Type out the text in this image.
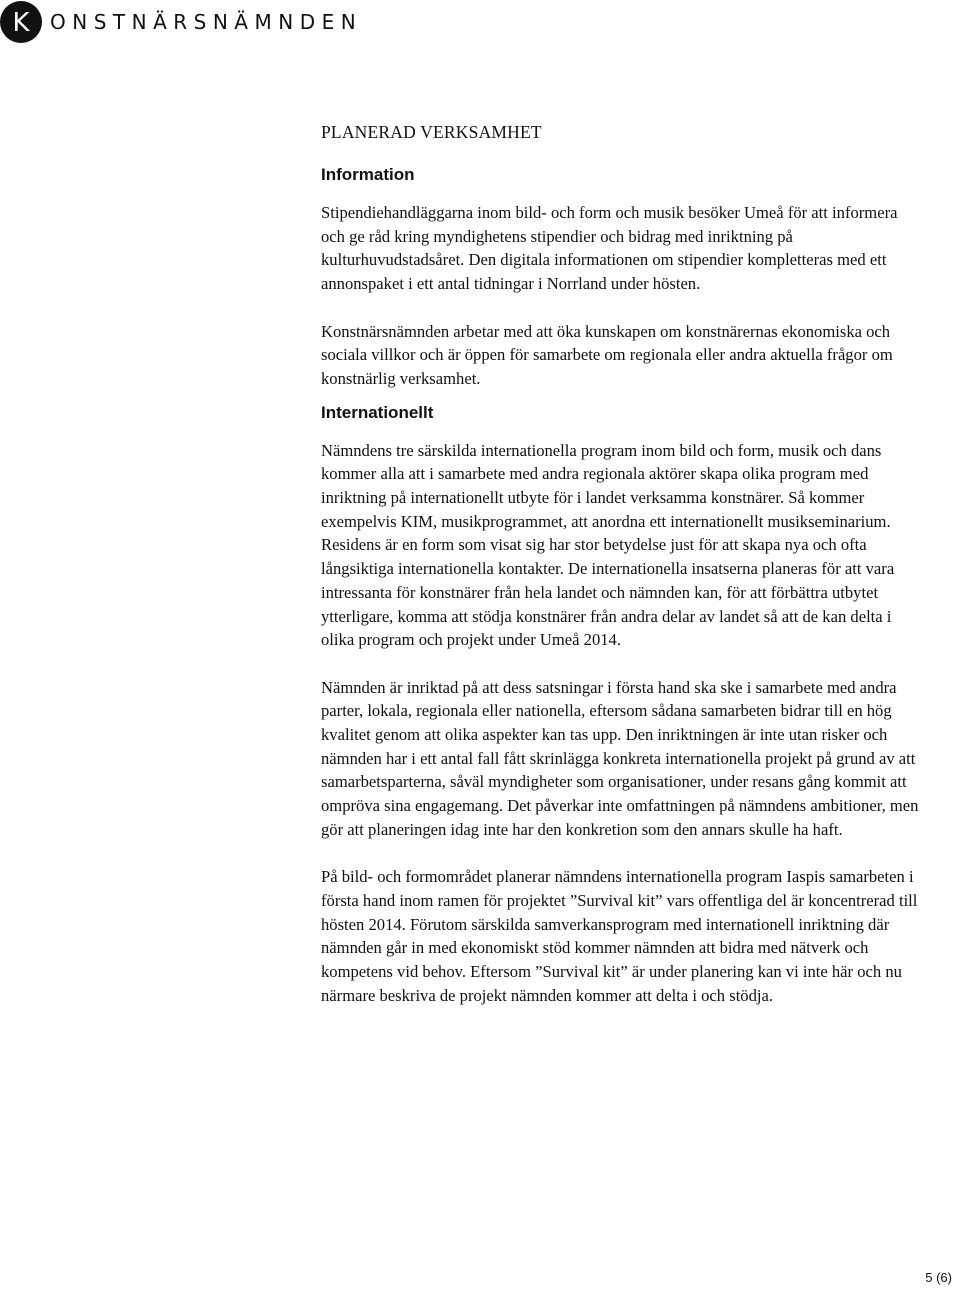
K ONSTNÄRSNÄMNDEN
PLANERAD VERKSAMHET
Information

Stipendiehandläggarna inom bild- och form och musik besöker Umeå för att informera och ge råd kring myndighetens stipendier och bidrag med inriktning på kulturhuvudstadsåret. Den digitala informationen om stipendier kompletteras med ett annonspaket i ett antal tidningar i Norrland under hösten.

Konstnärsnämnden arbetar med att öka kunskapen om konstnärernas ekonomiska och sociala villkor och är öppen för samarbete om regionala eller andra aktuella frågor om konstnärlig verksamhet.

Internationellt

Nämndens tre särskilda internationella program inom bild och form, musik och dans kommer alla att i samarbete med andra regionala aktörer skapa olika program med inriktning på internationellt utbyte för i landet verksamma konstnärer. Så kommer exempelvis KIM, musikprogrammet, att anordna ett internationellt musikseminarium. Residens är en form som visat sig har stor betydelse just för att skapa nya och ofta långsiktiga internationella kontakter. De internationella insatserna planeras för att vara intressanta för konstnärer från hela landet och nämnden kan, för att förbättra utbytet ytterligare, komma att stödja konstnärer från andra delar av landet så att de kan delta i olika program och projekt under Umeå 2014.

Nämnden är inriktad på att dess satsningar i första hand ska ske i samarbete med andra parter, lokala, regionala eller nationella, eftersom sådana samarbeten bidrar till en hög kvalitet genom att olika aspekter kan tas upp. Den inriktningen är inte utan risker och nämnden har i ett antal fall fått skrinlägga konkreta internationella projekt på grund av att samarbetsparterna, såväl myndigheter som organisationer, under resans gång kommit att ompröva sina engagemang. Det påverkar inte omfattningen på nämndens ambitioner, men gör att planeringen idag inte har den konkretion som den annars skulle ha haft.

På bild- och formområdet planerar nämndens internationella program Iaspis samarbeten i första hand inom ramen för projektet ”Survival kit” vars offentliga del är koncentrerad till hösten 2014. Förutom särskilda samverkansprogram med internationell inriktning där nämnden går in med ekonomiskt stöd kommer nämnden att bidra med nätverk och kompetens vid behov. Eftersom ”Survival kit” är under planering kan vi inte här och nu närmare beskriva de projekt nämnden kommer att delta i och stödja.

5 (6)
